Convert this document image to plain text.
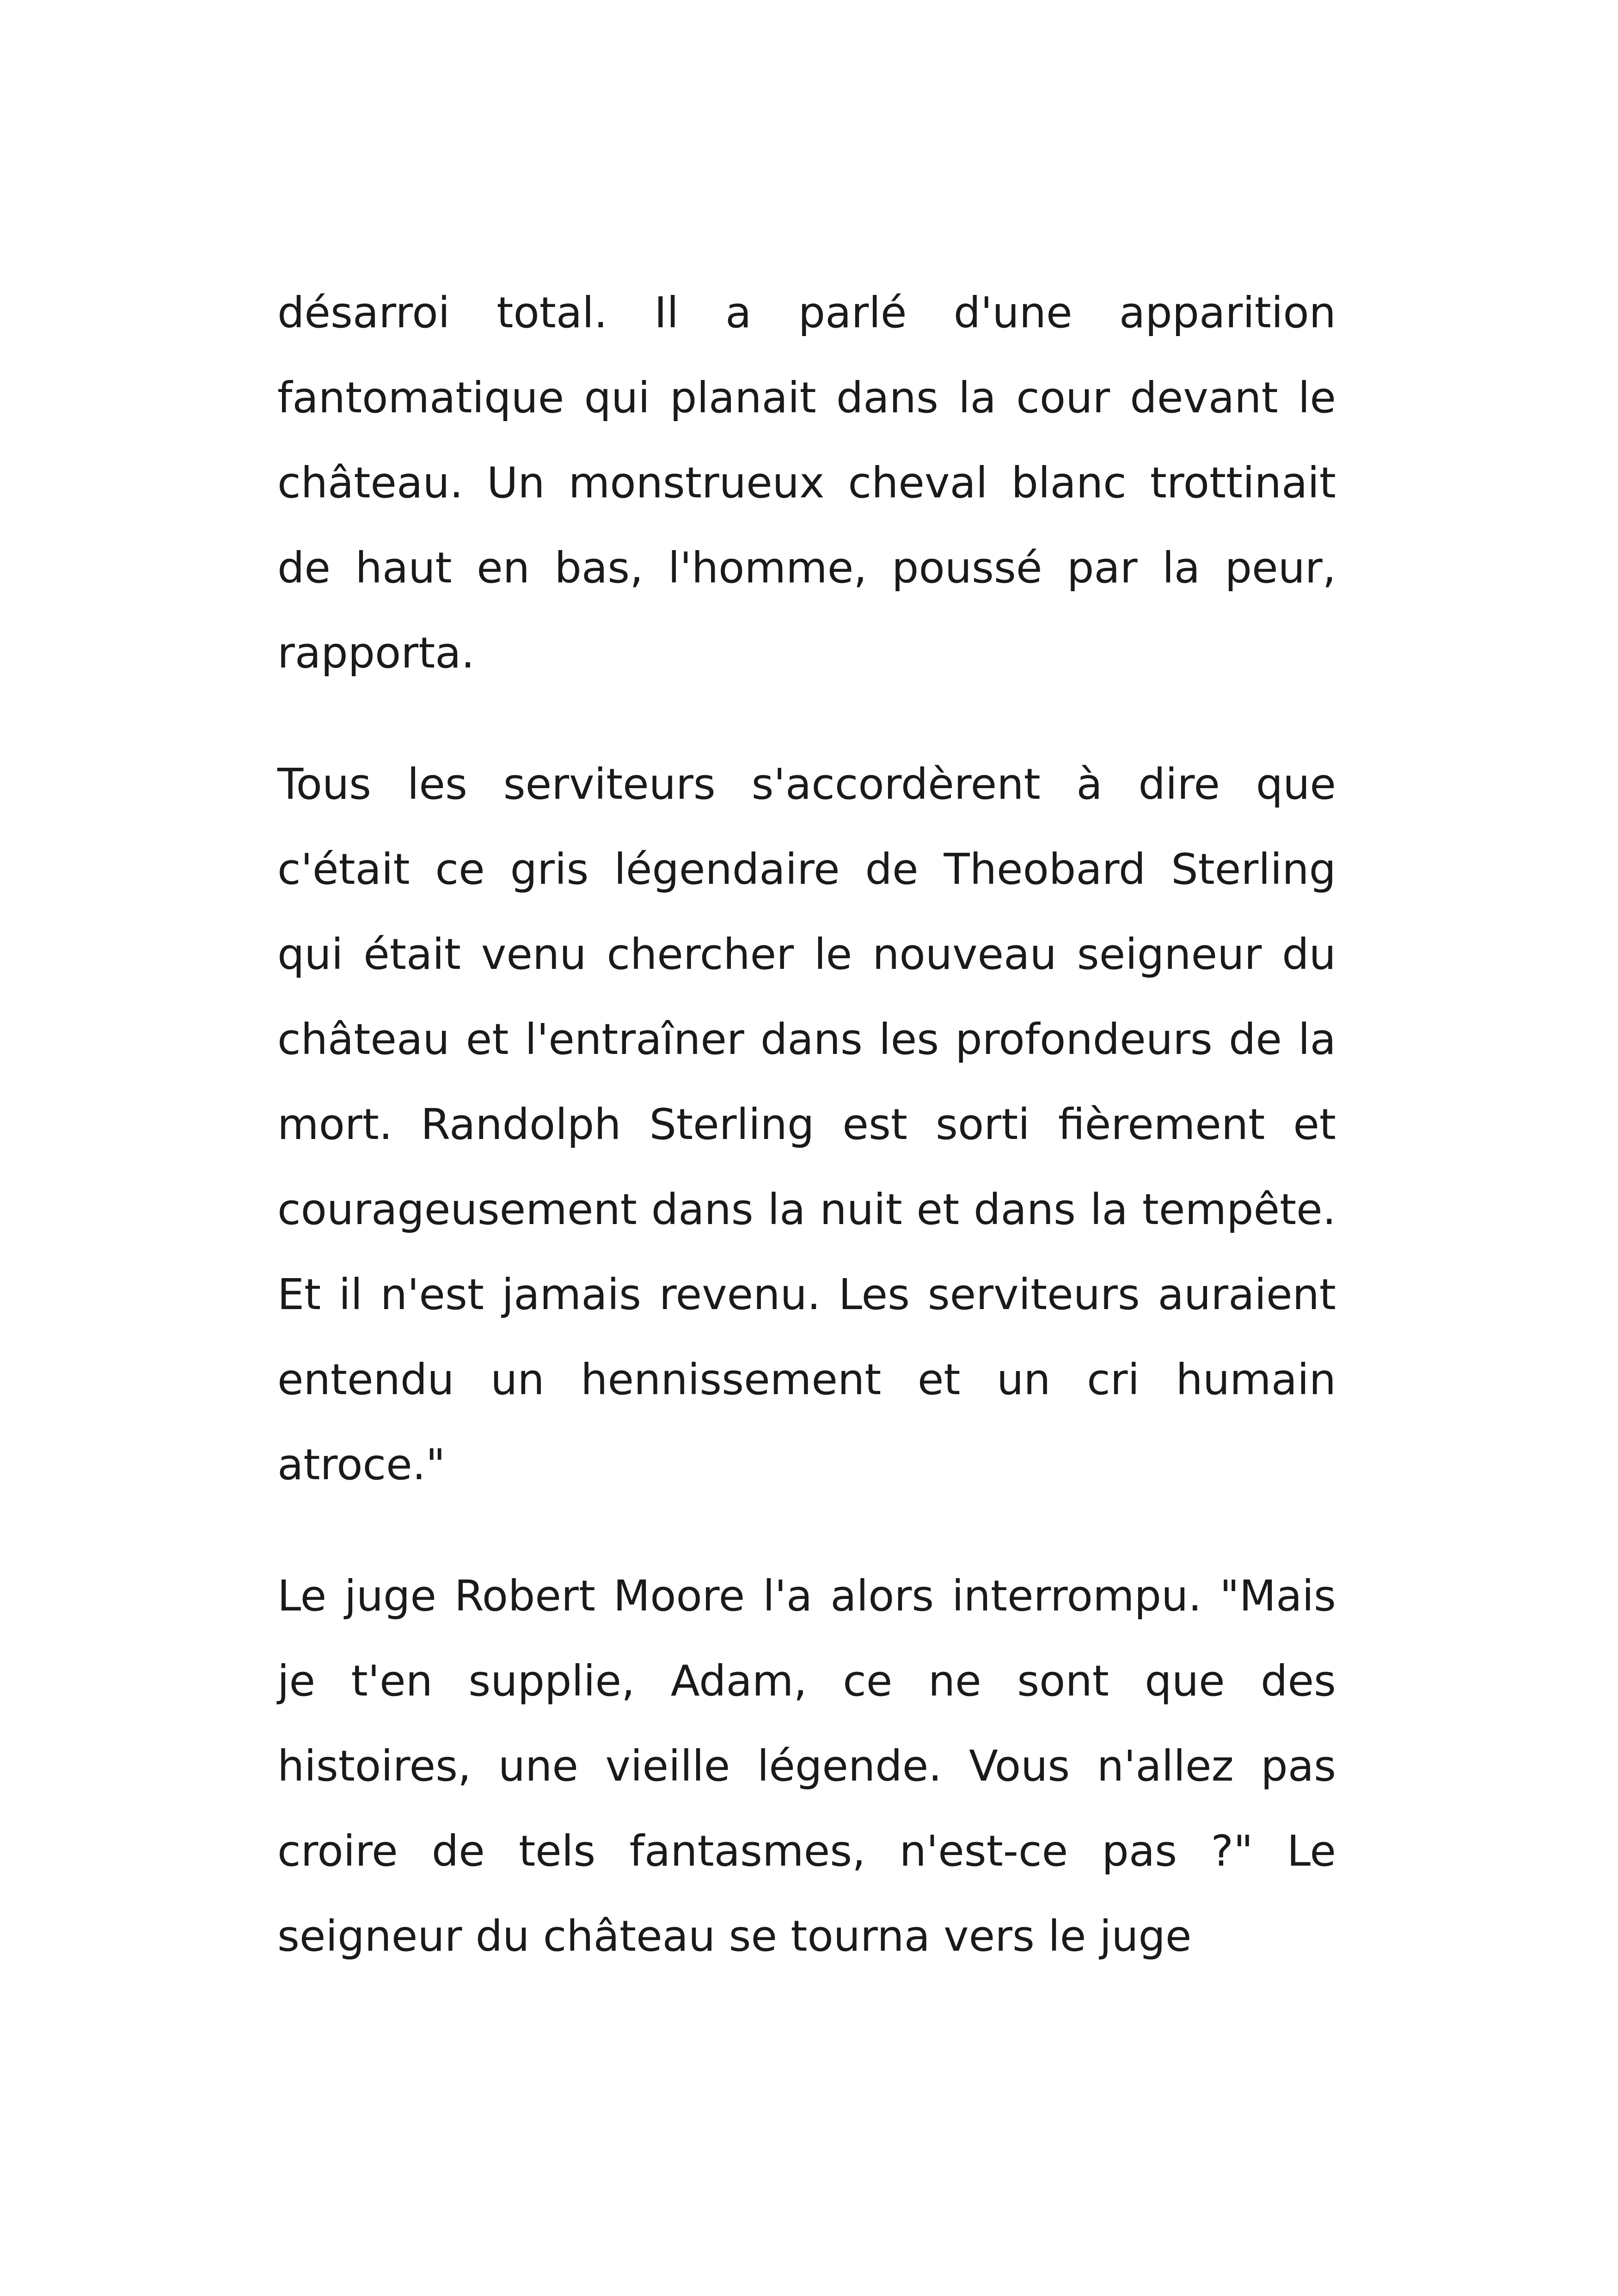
désarroi total. Il a parlé d'une apparition fantomatique qui planait dans la cour devant le château. Un monstrueux cheval blanc trottinait de haut en bas, l'homme, poussé par la peur, rapporta.

Tous les serviteurs s'accordèrent à dire que c'était ce gris légendaire de Theobard Sterling qui était venu chercher le nouveau seigneur du château et l'entraîner dans les profondeurs de la mort. Randolph Sterling est sorti fièrement et courageusement dans la nuit et dans la tempête. Et il n'est jamais revenu. Les serviteurs auraient entendu un hennissement et un cri humain atroce."

Le juge Robert Moore l'a alors interrompu. "Mais je t'en supplie, Adam, ce ne sont que des histoires, une vieille légende. Vous n'allez pas croire de tels fantasmes, n'est-ce pas ?" Le seigneur du château se tourna vers le juge
